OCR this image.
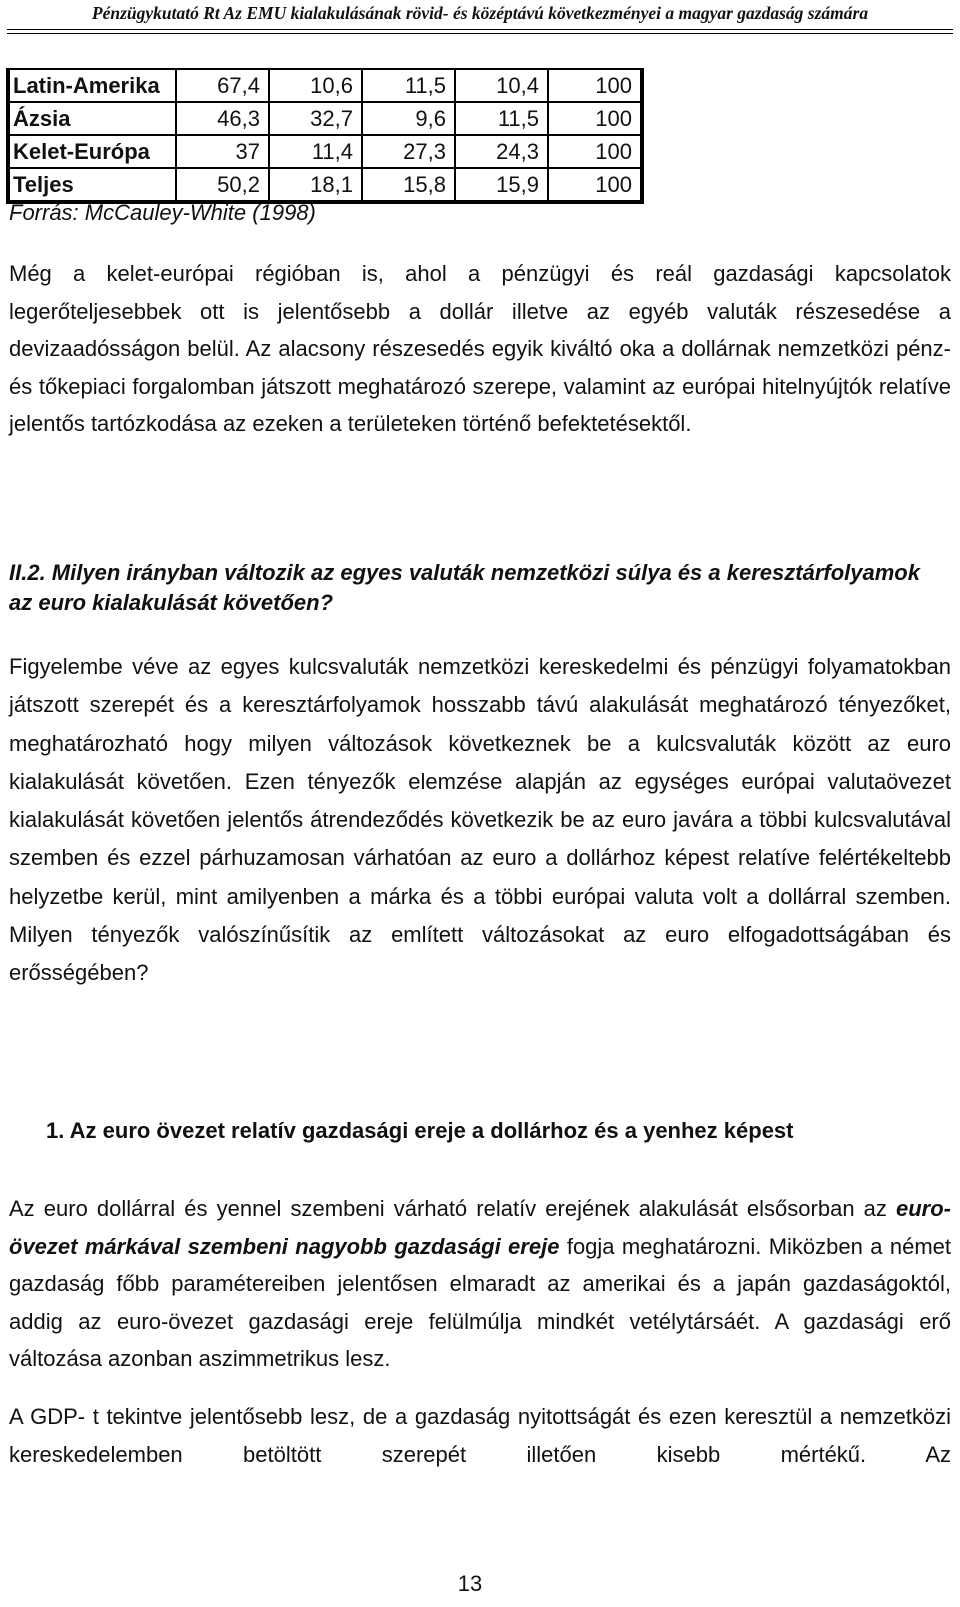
Pénzügykutató Rt Az EMU kialakulásának rövid- és középtávú következményei a magyar gazdaság számára
Latin-Amerika	67,4	10,6	11,5	10,4	100
Ázsia	46,3	32,7	9,6	11,5	100
Kelet-Európa	37	11,4	27,3	24,3	100
Teljes	50,2	18,1	15,8	15,9	100
Forrás: McCauley-White (1998)

Még a kelet-európai régióban is, ahol a pénzügyi és reál gazdasági kapcsolatok legerőteljesebbek ott is jelentősebb a dollár illetve az egyéb valuták részesedése a devizaadósságon belül. Az alacsony részesedés egyik kiváltó oka a dollárnak nemzetközi pénz- és tőkepiaci forgalomban játszott meghatározó szerepe, valamint az európai hitelnyújtók relatíve jelentős tartózkodása az ezeken a területeken történő befektetésektől.

II.2. Milyen irányban változik az egyes valuták nemzetközi súlya és a keresztárfolyamok az euro kialakulását követően?

Figyelembe véve az egyes kulcsvaluták nemzetközi kereskedelmi és pénzügyi folyamatokban játszott szerepét és a keresztárfolyamok hosszabb távú alakulását meghatározó tényezőket, meghatározható hogy milyen változások következnek be a kulcsvaluták között az euro kialakulását követően. Ezen tényezők elemzése alapján az egységes európai valutaövezet kialakulását követően jelentős átrendeződés következik be az euro javára a többi kulcsvalutával szemben és ezzel párhuzamosan várhatóan az euro a dollárhoz képest relatíve felértékeltebb helyzetbe kerül, mint amilyenben a márka és a többi európai valuta volt a dollárral szemben. Milyen tényezők valószínűsítik az említett változásokat az euro elfogadottságában és erősségében?

1. Az euro övezet relatív gazdasági ereje a dollárhoz és a yenhez képest

Az euro dollárral és yennel szembeni várható relatív erejének alakulását elsősorban az euro-övezet márkával szembeni nagyobb gazdasági ereje fogja meghatározni. Miközben a német gazdaság főbb paramétereiben jelentősen elmaradt az amerikai és a japán gazdaságoktól, addig az euro-övezet gazdasági ereje felülmúlja mindkét vetélytársáét. A gazdasági erő változása azonban aszimmetrikus lesz.

A GDP- t tekintve jelentősebb lesz, de a gazdaság nyitottságát és ezen keresztül a nemzetközi kereskedelemben betöltött szerepét illetően kisebb mértékű. Az

13
